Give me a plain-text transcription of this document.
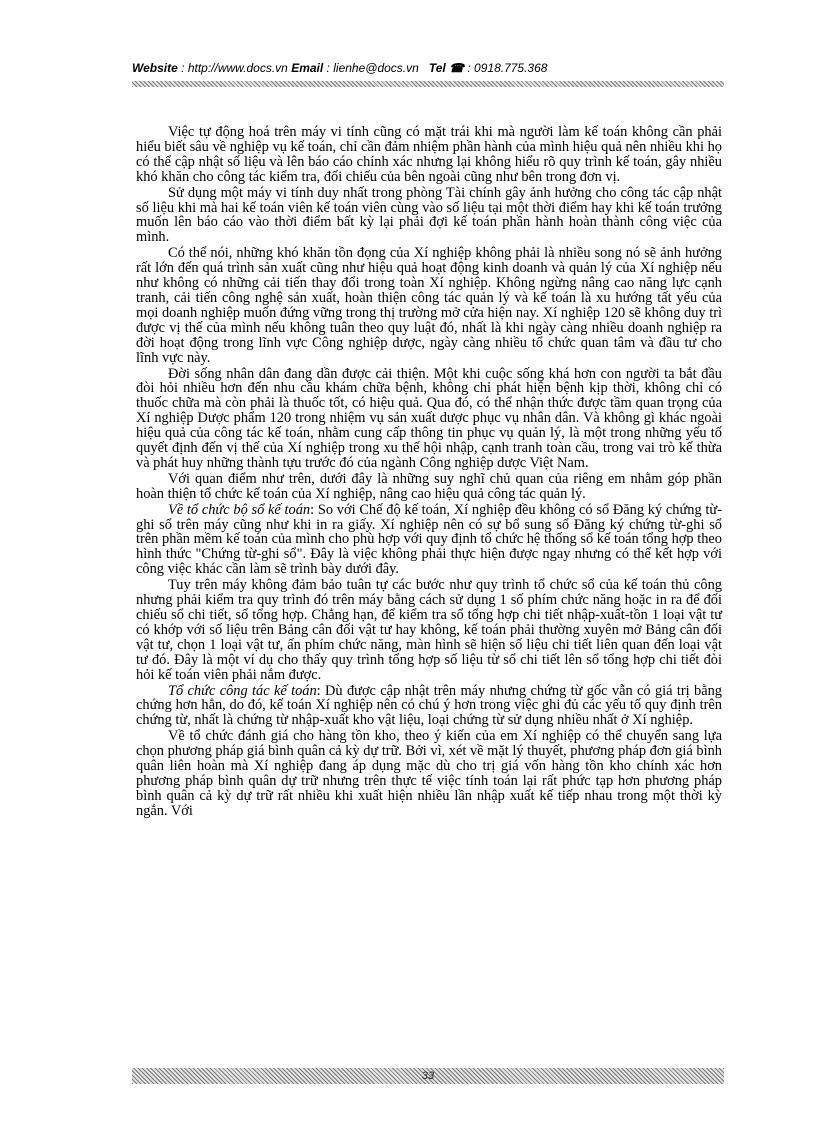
Website : http://www.docs.vn Email : lienhe@docs.vn Tel ☎ : 0918.775.368

Việc tự động hoá trên máy vi tính cũng có mặt trái khi mà người làm kế toán không cần phải hiểu biết sâu về nghiệp vụ kế toán, chỉ cần đảm nhiệm phần hành của mình hiệu quả nên nhiều khi họ có thể cập nhật số liệu và lên báo cáo chính xác nhưng lại không hiểu rõ quy trình kế toán, gây nhiều khó khăn cho công tác kiểm tra, đối chiếu của bên ngoài cũng như bên trong đơn vị.

Sử dụng một máy vi tính duy nhất trong phòng Tài chính gây ảnh hưởng cho công tác cập nhật số liệu khi mà hai kế toán viên kế toán viên cùng vào số liệu tại một thời điểm hay khi kế toán trưởng muốn lên báo cáo vào thời điểm bất kỳ lại phải đợi kế toán phần hành hoàn thành công việc của mình.

Có thể nói, những khó khăn tồn đọng của Xí nghiệp không phải là nhiều song nó sẽ ảnh hưởng rất lớn đến quá trình sản xuất cũng như hiệu quả hoạt động kinh doanh và quản lý của Xí nghiệp nếu như không có những cải tiến thay đổi trong toàn Xí nghiệp. Không ngừng nâng cao năng lực cạnh tranh, cải tiến công nghệ sản xuất, hoàn thiện công tác quản lý và kế toán là xu hướng tất yếu của mọi doanh nghiệp muốn đứng vững trong thị trường mở cửa hiện nay. Xí nghiệp 120 sẽ không duy trì được vị thế của mình nếu không tuân theo quy luật đó, nhất là khi ngày càng nhiều doanh nghiệp ra đời hoạt động trong lĩnh vực Công nghiệp dược, ngày càng nhiều tổ chức quan tâm và đầu tư cho lĩnh vực này.

Đời sống nhân dân đang dần được cải thiện. Một khi cuộc sống khá hơn con người ta bắt đầu đòi hỏi nhiều hơn đến nhu cầu khám chữa bệnh, không chỉ phát hiện bệnh kịp thời, không chỉ có thuốc chữa mà còn phải là thuốc tốt, có hiệu quả. Qua đó, có thể nhận thức được tầm quan trọng của Xí nghiệp Dược phẩm 120 trong nhiệm vụ sản xuất dược phục vụ nhân dân. Và không gì khác ngoài hiệu quả của công tác kế toán, nhằm cung cấp thông tin phục vụ quản lý, là một trong những yếu tố quyết định đến vị thế của Xí nghiệp trong xu thế hội nhập, cạnh tranh toàn cầu, trong vai trò kế thừa và phát huy những thành tựu trước đó của ngành Công nghiệp dược Việt Nam.

Với quan điểm như trên, dưới đây là những suy nghĩ chủ quan của riêng em nhằm góp phần hoàn thiện tổ chức kế toán của Xí nghiệp, nâng cao hiệu quả công tác quản lý.

Về tổ chức bộ sổ kế toán: So với Chế độ kế toán, Xí nghiệp đều không có sổ Đăng ký chứng từ-ghi sổ trên máy cũng như khi in ra giấy. Xí nghiệp nên có sự bổ sung sổ Đăng ký chứng từ-ghi sổ trên phần mềm kế toán của mình cho phù hợp với quy định tổ chức hệ thống sổ kế toán tổng hợp theo hình thức "Chứng từ-ghi sổ". Đây là việc không phải thực hiện được ngay nhưng có thể kết hợp với công việc khác cần làm sẽ trình bày dưới đây.

Tuy trên máy không đảm bảo tuân tự các bước như quy trình tổ chức sổ của kế toán thủ công nhưng phải kiểm tra quy trình đó trên máy bằng cách sử dụng 1 số phím chức năng hoặc in ra để đối chiếu sổ chi tiết, sổ tổng hợp. Chẳng hạn, để kiểm tra sổ tổng hợp chi tiết nhập-xuất-tồn 1 loại vật tư có khớp với số liệu trên Bảng cân đối vật tư hay không, kế toán phải thường xuyên mở Bảng cân đối vật tư, chọn 1 loại vật tư, ấn phím chức năng, màn hình sẽ hiện số liệu chi tiết liên quan đến loại vật tư đó. Đây là một ví dụ cho thấy quy trình tổng hợp số liệu từ sổ chi tiết lên sổ tổng hợp chi tiết đòi hỏi kế toán viên phải nắm được.

Tổ chức công tác kế toán: Dù được cập nhật trên máy nhưng chứng từ gốc vẫn có giá trị bằng chứng hơn hẳn, do đó, kế toán Xí nghiệp nên có chú ý hơn trong việc ghi đủ các yếu tố quy định trên chứng từ, nhất là chứng từ nhập-xuất kho vật liệu, loại chứng từ sử dụng nhiều nhất ở Xí nghiệp.

Về tổ chức đánh giá cho hàng tồn kho, theo ý kiến của em Xí nghiệp có thể chuyển sang lựa chọn phương pháp giá bình quân cả kỳ dự trữ. Bởi vì, xét về mặt lý thuyết, phương pháp đơn giá bình quân liên hoàn mà Xí nghiệp đang áp dụng mặc dù cho trị giá vốn hàng tồn kho chính xác hơn phương pháp bình quân dự trữ nhưng trên thực tế việc tính toán lại rất phức tạp hơn phương pháp bình quân cả kỳ dự trữ rất nhiều khi xuất hiện nhiều lần nhập xuất kế tiếp nhau trong một thời kỳ ngắn. Với

33
